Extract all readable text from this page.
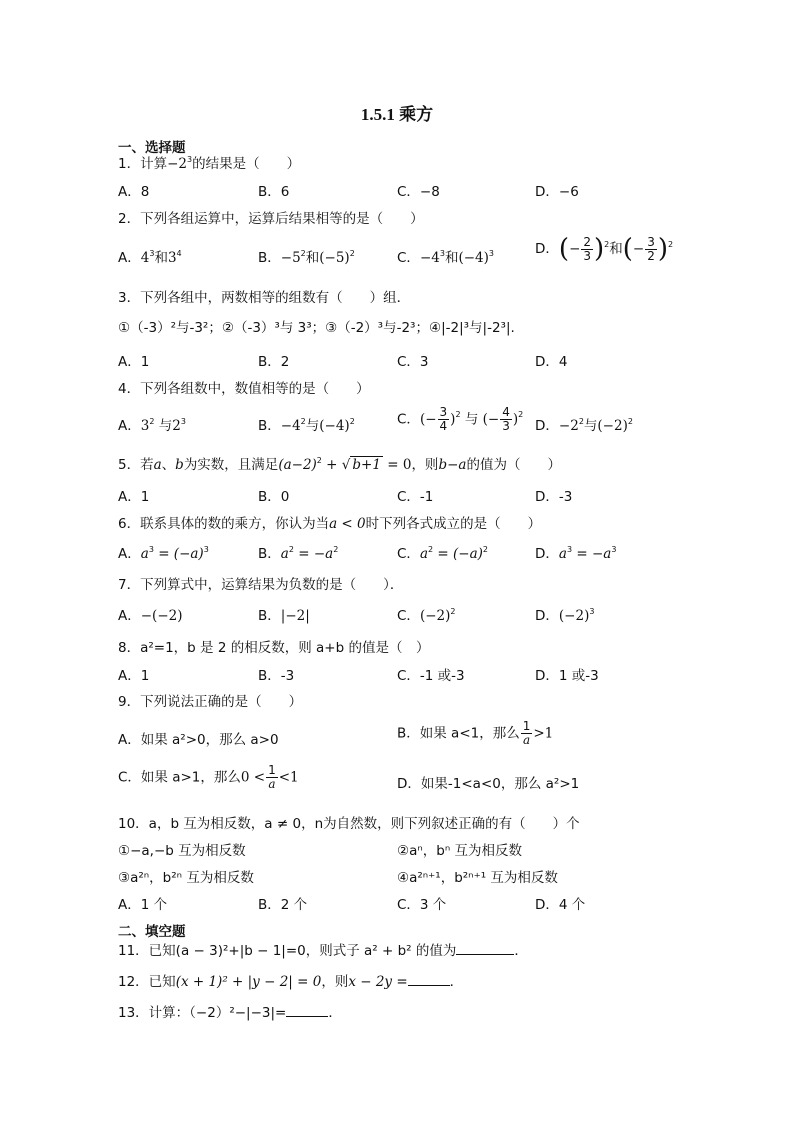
1.5.1 乘方
一、选择题
1．计算$-2^3$的结果是（　　）
A．8	B．6	C．−8	D．−6
2．下列各组运算中，运算后结果相等的是（　　）
A．$4^3$和$3^4$	B．$-5^2$和$(-5)^2$	C．$-4^3$和$(-4)^3$	D．(− $\frac{2}{3} )^2$和(− $\frac{3}{2} )^2$
3．下列各组中，两数相等的组数有（　　）组．
①（-3）²与-3²；②（-3）³与 3³；③（-2）³与-2³；④|-2|³与|-2³|.
A．1	B．2	C．3	D．4
4．下列各组数中，数值相等的是（　　）
A．$3^2$ 与$2^3$	B．$-4^2$与$(-4)^2$	C．(− $\frac{3}{4} )^2$ 与 (− $\frac{4}{3} )^2$
D．$-2^2$与$(-2)^2$
5．若a、b为实数，且满足$(a-2)^2$ + √ b+1 = 0，则b−a的值为（　　）
A．1	B．0	C．-1	D．-3
6．联系具体的数的乘方，你认为当a < 0时下列各式成立的是（　　）
A．$a^3 = (-a)^3$	B．$a^2 = -a^2$	C．$a^2 = (-a)^2$	D．$a^3 = -a^3$
7．下列算式中，运算结果为负数的是（　　）．
A．−(−2)	B．|−2|	C．$(-2)^2$	D．$(-2)^3$
8．a²=1，b 是 2 的相反数，则 a+b 的值是（　）
A．1	B．-3	C．-1 或-3	D．1 或-3
9．下列说法正确的是（　　）
A．如果 a²>0，那么 a>0	B．如果 a<1，那么 $\frac{1}{a} >1$
C．如果 a>1，那么$0 < \frac{1}{a} <1$	D．如果-1<a<0，那么 a²>1
10．a，b 互为相反数，a ≠ 0，n为自然数，则下列叙述正确的有（　　）个
①−a,−b 互为相反数	②aⁿ，bⁿ 互为相反数
③a²ⁿ，b²ⁿ 互为相反数	④a²ⁿ⁺¹，b²ⁿ⁺¹ 互为相反数
A．1 个	B．2 个	C．3 个	D．4 个
二、填空题
11．已知(a − 3)²+|b − 1|=0，则式子 a² + b² 的值为	．
12．已知(x + 1)² + |y − 2| = 0，则x − 2y =	．
13．计算：（−2）²−|−3|=	．
